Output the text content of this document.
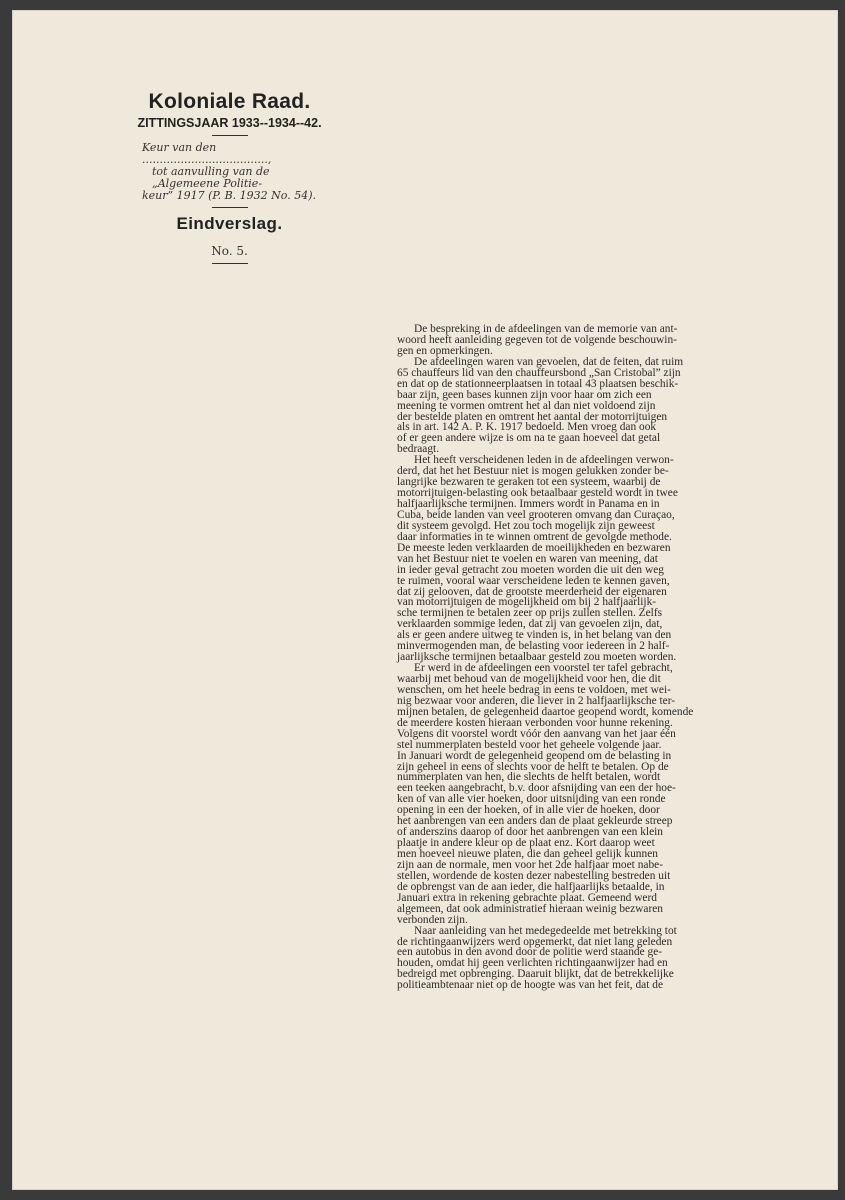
Koloniale Raad.
ZITTINGSJAAR 1933--1934--42.
Keur van den ....................................,
tot aanvulling van de „Algemeene Politie-
keur” 1917 (P. B. 1932 No. 54).
Eindverslag.
No. 5.
De bespreking in de afdeelingen van de memorie van ant-
woord heeft aanleiding gegeven tot de volgende beschouwin-
gen en opmerkingen.
De afdeelingen waren van gevoelen, dat de feiten, dat ruim
65 chauffeurs lid van den chauffeursbond „San Cristobal” zijn
en dat op de stationneerplaatsen in totaal 43 plaatsen beschik-
baar zijn, geen bases kunnen zijn voor haar om zich een
meening te vormen omtrent het al dan niet voldoend zijn
der bestelde platen en omtrent het aantal der motorrijtuigen
als in art. 142 A. P. K. 1917 bedoeld. Men vroeg dan ook
of er geen andere wijze is om na te gaan hoeveel dat getal
bedraagt.
Het heeft verscheidenen leden in de afdeelingen verwon-
derd, dat het het Bestuur niet is mogen gelukken zonder be-
langrijke bezwaren te geraken tot een systeem, waarbij de
motorrijtuigen-belasting ook betaalbaar gesteld wordt in twee
halfjaarlijksche termijnen. Immers wordt in Panama en in
Cuba, beide landen van veel grooteren omvang dan Curaçao,
dit systeem gevolgd. Het zou toch mogelijk zijn geweest
daar informaties in te winnen omtrent de gevolgde methode.
De meeste leden verklaarden de moeilijkheden en bezwaren
van het Bestuur niet te voelen en waren van meening, dat
in ieder geval getracht zou moeten worden die uit den weg
te ruimen, vooral waar verscheidene leden te kennen gaven,
dat zij gelooven, dat de grootste meerderheid der eigenaren
van motorrijtuigen de mogelijkheid om bij 2 halfjaarlijk-
sche termijnen te betalen zeer op prijs zullen stellen. Zelfs
verklaarden sommige leden, dat zij van gevoelen zijn, dat,
als er geen andere uitweg te vinden is, in het belang van den
minvermogenden man, de belasting voor iedereen in 2 half-
jaarlijksche termijnen betaalbaar gesteld zou moeten worden.
Er werd in de afdeelingen een voorstel ter tafel gebracht,
waarbij met behoud van de mogelijkheid voor hen, die dit
wenschen, om het heele bedrag in eens te voldoen, met wei-
nig bezwaar voor anderen, die liever in 2 halfjaarlijksche ter-
mijnen betalen, de gelegenheid daartoe geopend wordt, komende
de meerdere kosten hieraan verbonden voor hunne rekening.
Volgens dit voorstel wordt vóór den aanvang van het jaar één
stel nummerplaten besteld voor het geheele volgende jaar.
In Januari wordt de gelegenheid geopend om de belasting in
zijn geheel in eens of slechts voor de helft te betalen. Op de
nummerplaten van hen, die slechts de helft betalen, wordt
een teeken aangebracht, b.v. door afsnijding van een der hoe-
ken of van alle vier hoeken, door uitsnijding van een ronde
opening in een der hoeken, of in alle vier de hoeken, door
het aanbrengen van een anders dan de plaat gekleurde streep
of anderszins daarop of door het aanbrengen van een klein
plaatje in andere kleur op de plaat enz. Kort daarop weet
men hoeveel nieuwe platen, die dan geheel gelijk kunnen
zijn aan de normale, men voor het 2de halfjaar moet nabe-
stellen, wordende de kosten dezer nabestelling bestreden uit
de opbrengst van de aan ieder, die halfjaarlijks betaalde, in
Januari extra in rekening gebrachte plaat. Gemeend werd
algemeen, dat ook administratief hieraan weinig bezwaren
verbonden zijn.
Naar aanleiding van het medegedeelde met betrekking tot
de richtingaanwijzers werd opgemerkt, dat niet lang geleden
een autobus in den avond door de politie werd staande ge-
houden, omdat hij geen verlichten richtingaanwijzer had en
bedreigd met opbrenging. Daaruit blijkt, dat de betrekkelijke
politieambtenaar niet op de hoogte was van het feit, dat de
